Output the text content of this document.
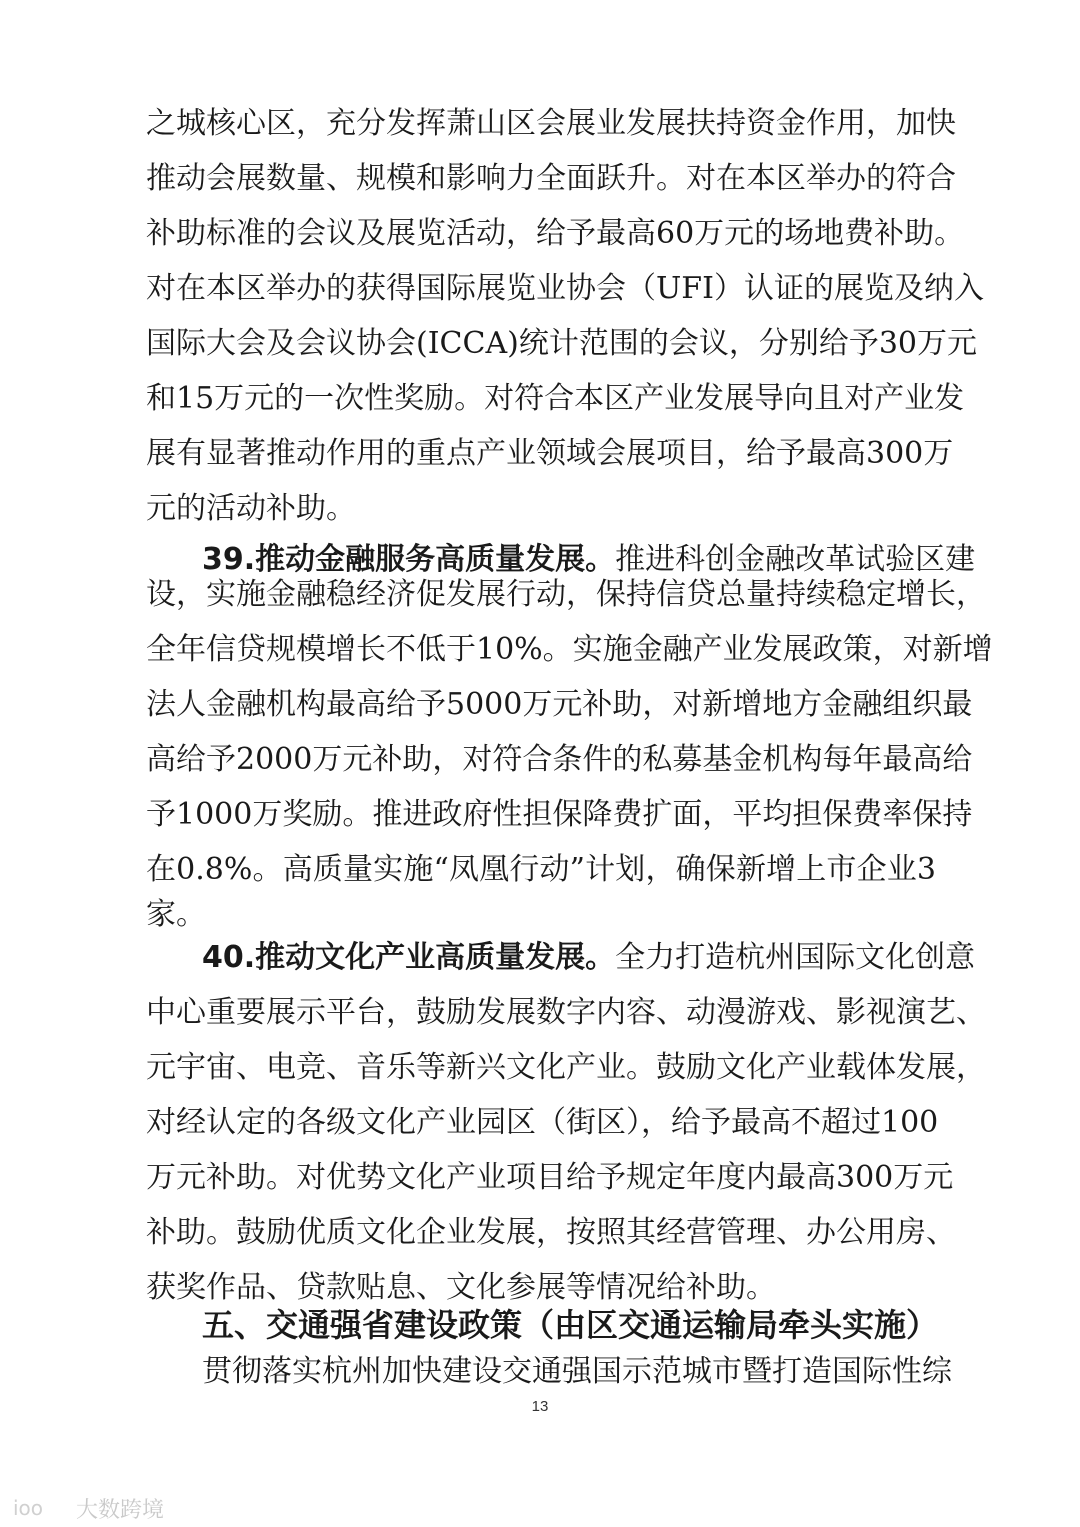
之城核心区，充分发挥萧山区会展业发展扶持资金作用，加快
推动会展数量、规模和影响力全面跃升。对在本区举办的符合
补助标准的会议及展览活动，给予最高60万元的场地费补助。
对在本区举办的获得国际展览业协会（UFI）认证的展览及纳入
国际大会及会议协会(ICCA)统计范围的会议，分别给予30万元
和15万元的一次性奖励。对符合本区产业发展导向且对产业发
展有显著推动作用的重点产业领域会展项目，给予最高300万
元的活动补助。
39.推动金融服务高质量发展。推进科创金融改革试验区建
设，实施金融稳经济促发展行动，保持信贷总量持续稳定增长，
全年信贷规模增长不低于10%。实施金融产业发展政策，对新增
法人金融机构最高给予5000万元补助，对新增地方金融组织最
高给予2000万元补助，对符合条件的私募基金机构每年最高给
予1000万奖励。推进政府性担保降费扩面，平均担保费率保持
在0.8%。高质量实施“凤凰行动”计划，确保新增上市企业3
家。
40.推动文化产业高质量发展。全力打造杭州国际文化创意
中心重要展示平台，鼓励发展数字内容、动漫游戏、影视演艺、
元宇宙、电竞、音乐等新兴文化产业。鼓励文化产业载体发展，
对经认定的各级文化产业园区（街区），给予最高不超过100
万元补助。对优势文化产业项目给予规定年度内最高300万元
补助。鼓励优质文化企业发展，按照其经营管理、办公用房、
获奖作品、贷款贴息、文化参展等情况给补助。
五、交通强省建设政策（由区交通运输局牵头实施）
贯彻落实杭州加快建设交通强国示范城市暨打造国际性综
13
ioo 大数跨境
